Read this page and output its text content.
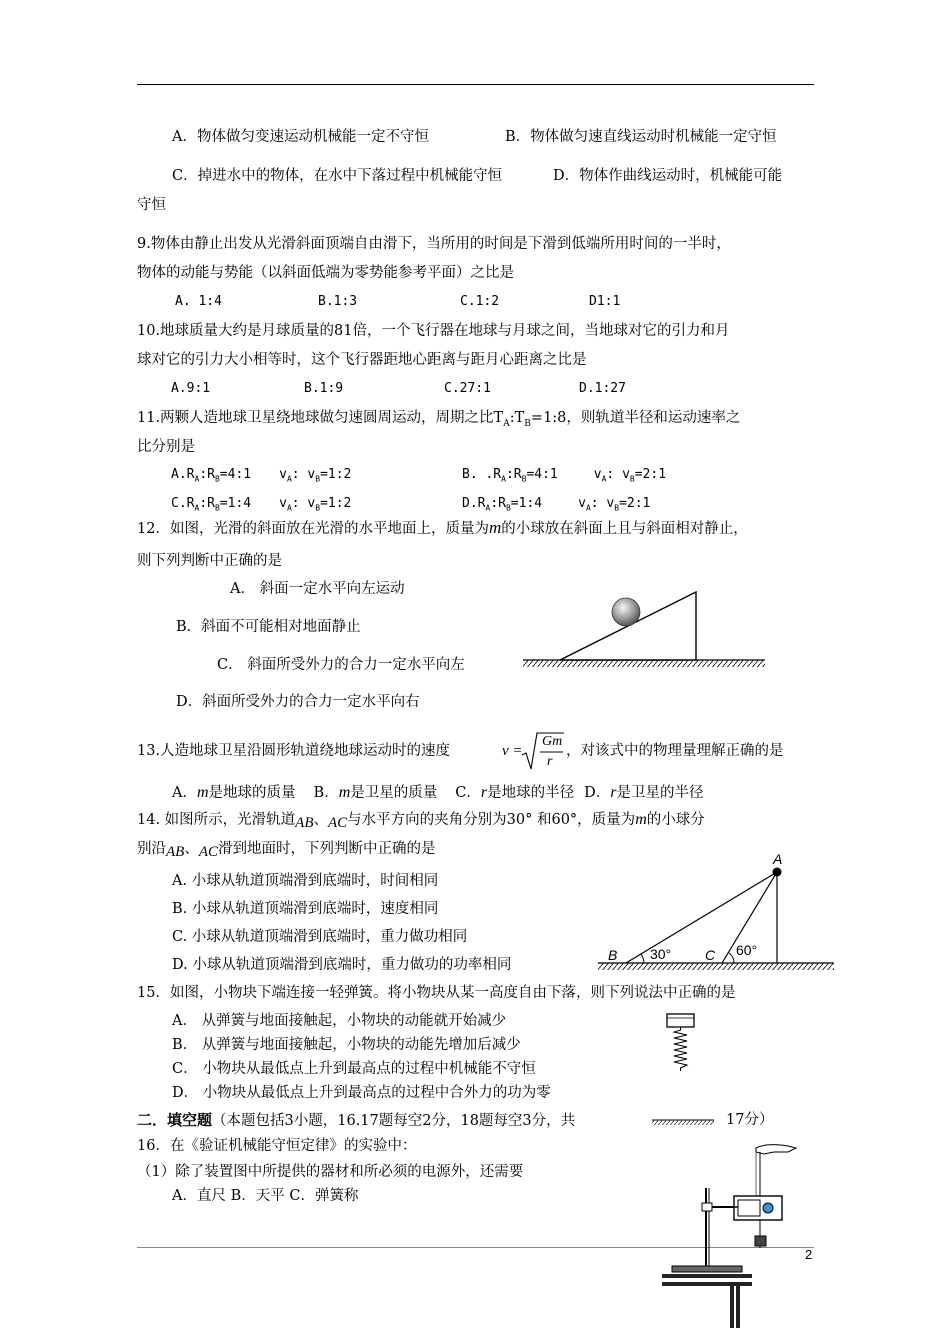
A．物体做匀变速运动机械能一定不守恒	B．物体做匀速直线运动时机械能一定守恒
C．掉进水中的物体，在水中下落过程中机械能守恒	D．物体作曲线运动时，机械能可能
守恒
9.物体由静止出发从光滑斜面顶端自由滑下，当所用的时间是下滑到低端所用时间的一半时，
物体的动能与势能（以斜面低端为零势能参考平面）之比是
A. 1:4	B.1:3	C.1:2	D1:1
10.地球质量大约是月球质量的81倍，一个飞行器在地球与月球之间，当地球对它的引力和月
球对它的引力大小相等时，这个飞行器距地心距离与距月心距离之比是
A.9:1	B.1:9	C.27:1	D.1:27
11.两颗人造地球卫星绕地球做匀速圆周运动，周期之比$T_A:T_B=1:8$，则轨道半径和运动速率之
比分别是
$A.R_A:R_B=4:1$ $v_A$: $v_B=1:2$	B. $.R_A:R_B=4:1$	$v_A$: $v_B=2:1$
$C.R_A:R_B=1:4$ $v_A$: $v_B=1:2$	$D.R_A:R_B=1:4$	$v_A$: $v_B=2:1$
12．如图，光滑的斜面放在光滑的水平地面上，质量为m的小球放在斜面上且与斜面相对静止，
则下列判断中正确的是
A． 斜面一定水平向左运动
B．斜面不可能相对地面静止
C． 斜面所受外力的合力一定水平向左
D．斜面所受外力的合力一定水平向右
13.人造地球卫星沿圆形轨道绕地球运动时的速度	v =
Gm
r
，对该式中的物理量理解正确的是
A．m是地球的质量 B．m是卫星的质量 C．r是地球的半径 D．r是卫星的半径
14. 如图所示，光滑轨道AB、AC与水平方向的夹角分别为30° 和60°，质量为m的小球分
别沿AB、AC滑到地面时，下列判断中正确的是
A. 小球从轨道顶端滑到底端时，时间相同
B. 小球从轨道顶端滑到底端时，速度相同
C. 小球从轨道顶端滑到底端时，重力做功相同
D. 小球从轨道顶端滑到底端时，重力做功的功率相同
A
B	C
30°	60°
15．如图，小物块下端连接一轻弹簧。将小物块从某一高度自由下落，则下列说法中正确的是
A． 从弹簧与地面接触起，小物块的动能就开始减少
B． 从弹簧与地面接触起，小物块的动能先增加后减少
C． 小物块从最低点上升到最高点的过程中机械能不守恒
D． 小物块从最低点上升到最高点的过程中合外力的功为零
二．填空题（本题包括3小题，16.17题每空2分，18题每空3分，共	17分）
16．在《验证机械能守恒定律》的实验中：
（1）除了装置图中所提供的器材和所必须的电源外，还需要
A．直尺 B．天平 C．弹簧称
2
